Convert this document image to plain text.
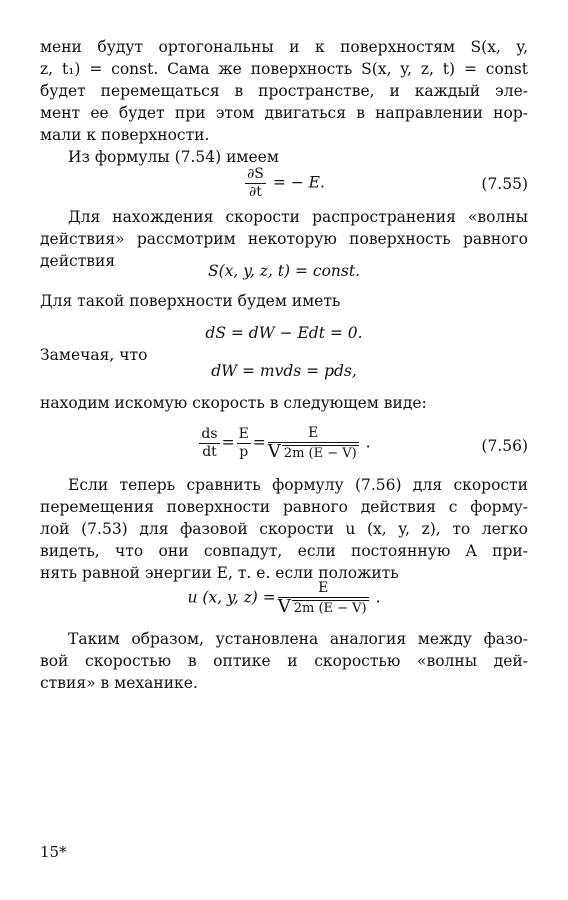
мени будут ортогональны и к поверхностям S(x, y,
z, t₁) = const. Сама же поверхность S(x, y, z, t) = const
будет перемещаться в пространстве, и каждый эле-
мент ее будет при этом двигаться в направлении нор-
мали к поверхности.
Из формулы (7.54) имеем
$\frac{\partial S}{\partial t}$ = − E.	(7.55)
Для нахождения скорости распространения «волны
действия» рассмотрим некоторую поверхность равного
действия
S(x, y, z, t) = const.
Для такой поверхности будем иметь
dS = dW − Edt = 0.
Замечая, что
dW = mvds = pds,
находим искомую скорость в следующем виде:
$\frac{ds}{dt} = \frac{E}{p} = \frac{E}{V 2m (E - V)}$ .	(7.56)
Если теперь сравнить формулу (7.56) для скорости
перемещения поверхности равного действия с форму-
лой (7.53) для фазовой скорости u (x, y, z), то легко
видеть, что они совпадут, если постоянную A при-
нять равной энергии E, т. е. если положить
u (x, y, $z) = \frac{E}{V 2m (E - V)}$ .
Таким образом, установлена аналогия между фазо-
вой скоростью в оптике и скоростью «волны дей-
ствия» в механике.
15*
